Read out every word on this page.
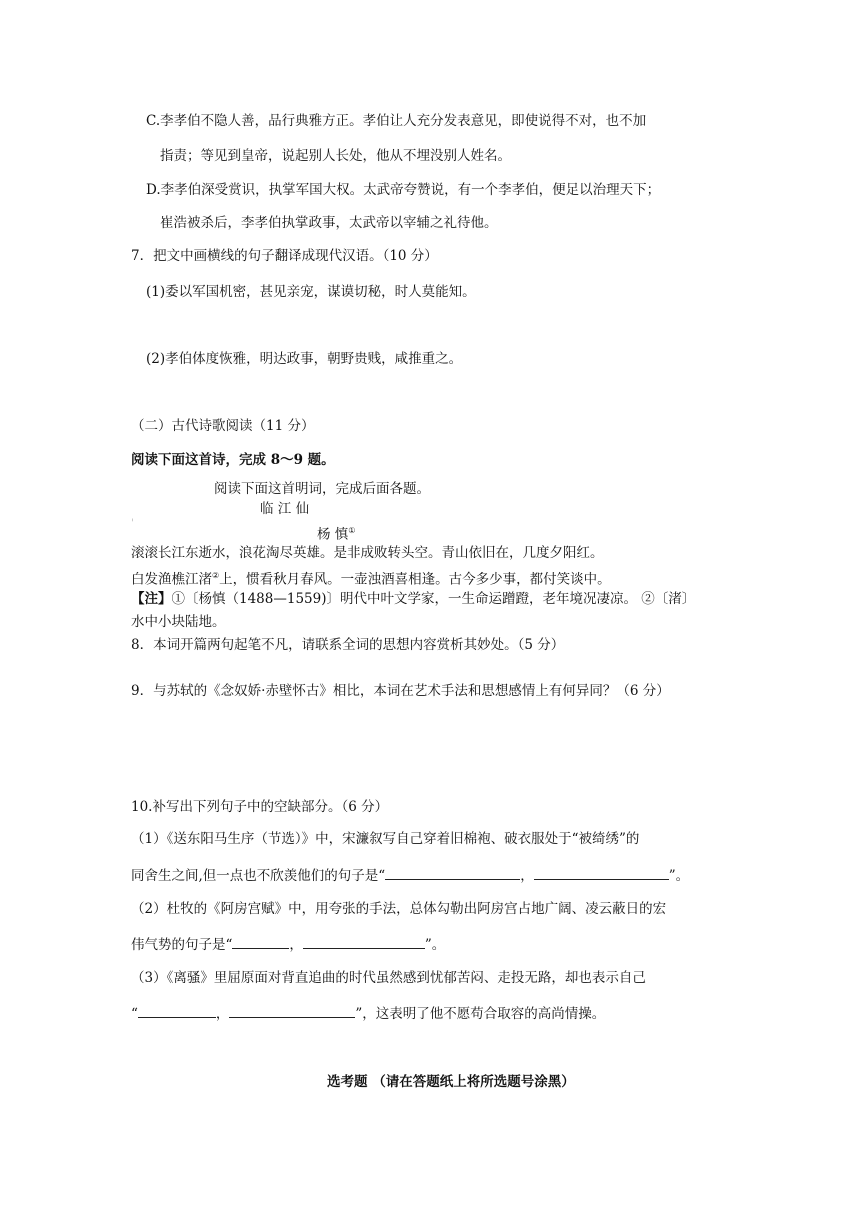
C.李孝伯不隐人善，品行典雅方正。孝伯让人充分发表意见，即使说得不对，也不加
指责；等见到皇帝，说起别人长处，他从不埋没别人姓名。
D.李孝伯深受赏识，执掌军国大权。太武帝夸赞说，有一个李孝伯，便足以治理天下；
崔浩被杀后，李孝伯执掌政事，太武帝以宰辅之礼待他。
7．把文中画横线的句子翻译成现代汉语。（10 分）
(1)委以军国机密，甚见亲宠，谋谟切秘，时人莫能知。
(2)孝伯体度恢雅，明达政事，朝野贵贱，咸推重之。
（二）古代诗歌阅读（11 分）
阅读下面这首诗，完成 8～9 题。
阅读下面这首明词，完成后面各题。
临 江 仙
'
杨 慎①
滚滚长江东逝水，浪花淘尽英雄。是非成败转头空。青山依旧在，几度夕阳红。
白发渔樵江渚②上，惯看秋月春风。一壶浊酒喜相逢。古今多少事，都付笑谈中。
【注】①〔杨慎（1488—1559)〕明代中叶文学家，一生命运蹭蹬，老年境况凄凉。 ②〔渚〕
水中小块陆地。
8．本词开篇两句起笔不凡，请联系全词的思想内容赏析其妙处。（5 分）
9．与苏轼的《念奴娇·赤壁怀古》相比，本词在艺术手法和思想感情上有何异同？（6 分）
10.补写出下列句子中的空缺部分。（6 分）
（1）《送东阳马生序（节选）》中，宋濂叙写自己穿着旧棉袍、破衣服处于“被绮绣”的
同舍生之间,但一点也不欣羡他们的句子是“	，	”。
（2）杜牧的《阿房宫赋》中，用夸张的手法，总体勾勒出阿房宫占地广阔、凌云蔽日的宏
伟气势的句子是“	，	”。
（3）《离骚》里屈原面对背直追曲的时代虽然感到忧郁苦闷、走投无路，却也表示自己
“	，	”，这表明了他不愿苟合取容的高尚情操。
选考题 （请在答题纸上将所选题号涂黑）
